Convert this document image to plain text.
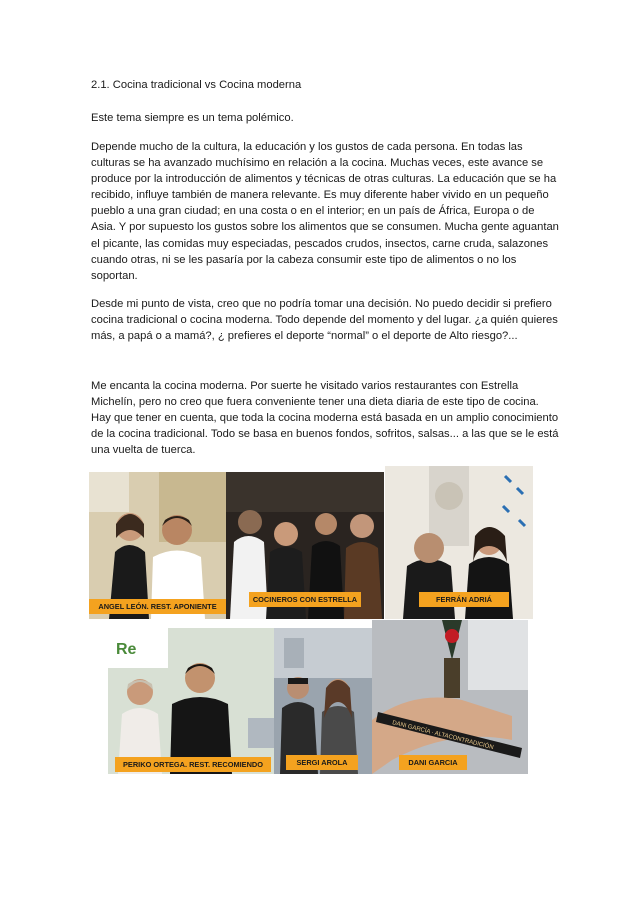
2.1. Cocina tradicional vs Cocina moderna
Este tema siempre es un tema polémico.
Depende mucho de la cultura, la educación y los gustos de cada persona. En todas las culturas se ha avanzado muchísimo en relación a la cocina. Muchas veces, este avance se produce por la introducción de alimentos y técnicas de otras culturas. La educación que se ha recibido, influye también de manera relevante. Es muy diferente haber vivido en un pequeño pueblo a una gran ciudad; en una costa o en el interior; en un país de África, Europa o de Asia. Y por supuesto los gustos sobre los alimentos que se consumen. Mucha gente aguantan el picante, las comidas muy especiadas, pescados crudos, insectos, carne cruda, salazones cuando otras, ni se les pasaría por la cabeza consumir este tipo de alimentos o no los soportan.
Desde mi punto de vista, creo que no podría tomar una decisión. No puedo decidir si prefiero cocina tradicional o cocina moderna. Todo depende del momento y del lugar. ¿a quién quieres más, a papá o a mamá?, ¿ prefieres el deporte “normal” o el deporte de Alto riesgo?...
Me encanta la cocina moderna. Por suerte he visitado varios restaurantes con Estrella Michelín, pero no creo que fuera conveniente tener una dieta diaria de este tipo de cocina. Hay que tener en cuenta, que toda la cocina moderna está basada en un amplio conocimiento de la cocina tradicional. Todo se basa en buenos fondos, sofritos, salsas... a las que se le está una vuelta de tuerca.
ANGEL LEÓN. REST. APONIENTE
COCINEROS CON ESTRELLA	FERRÁN ADRIÁ
Re
PERIKO ORTEGA. REST. RECOMIENDO	SERGI AROLA
DANI GARCÍA · ALTACONTRADICIÓN
DANI GARCIA
